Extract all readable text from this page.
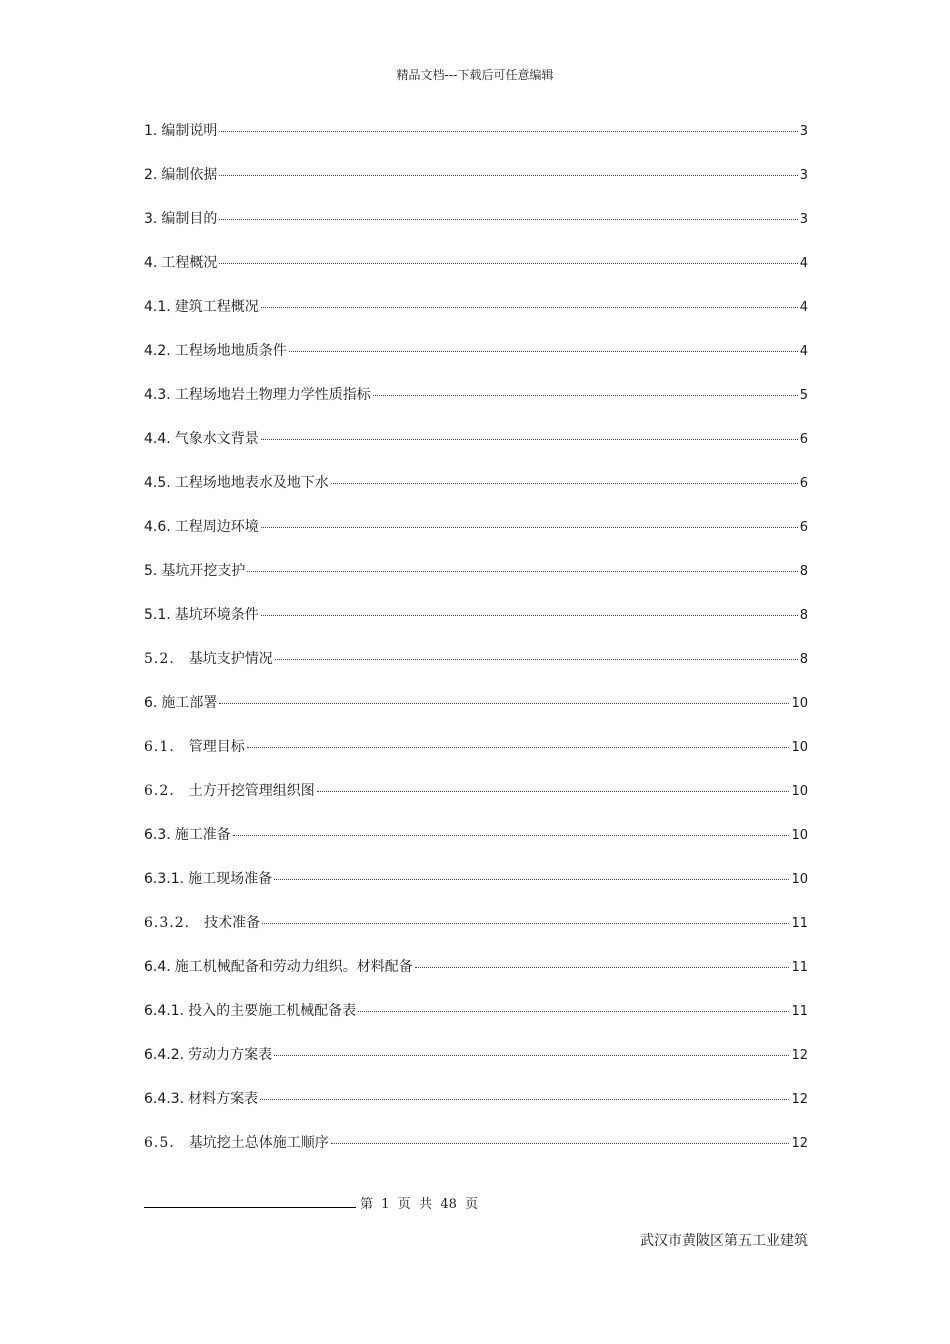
精品文档---下载后可任意编辑
1. 编制说明	3
2. 编制依据	3
3. 编制目的	3
4. 工程概况	4
4.1. 建筑工程概况	4
4.2. 工程场地地质条件	4
4.3. 工程场地岩土物理力学性质指标	5
4.4. 气象水文背景	6
4.5. 工程场地地表水及地下水	6
4.6. 工程周边环境	6
5. 基坑开挖支护	8
5.1. 基坑环境条件	8
5.2. 基坑支护情况	8
6. 施工部署	10
6.1. 管理目标	10
6.2. 土方开挖管理组织图	10
6.3. 施工准备	10
6.3.1. 施工现场准备	10
6.3.2. 技术准备	11
6.4. 施工机械配备和劳动力组织。材料配备	11
6.4.1. 投入的主要施工机械配备表	11
6.4.2. 劳动力方案表	12
6.4.3. 材料方案表	12
6.5. 基坑挖土总体施工顺序	12
第  1  页  共  48  页
武汉市黄陂区第五工业建筑
